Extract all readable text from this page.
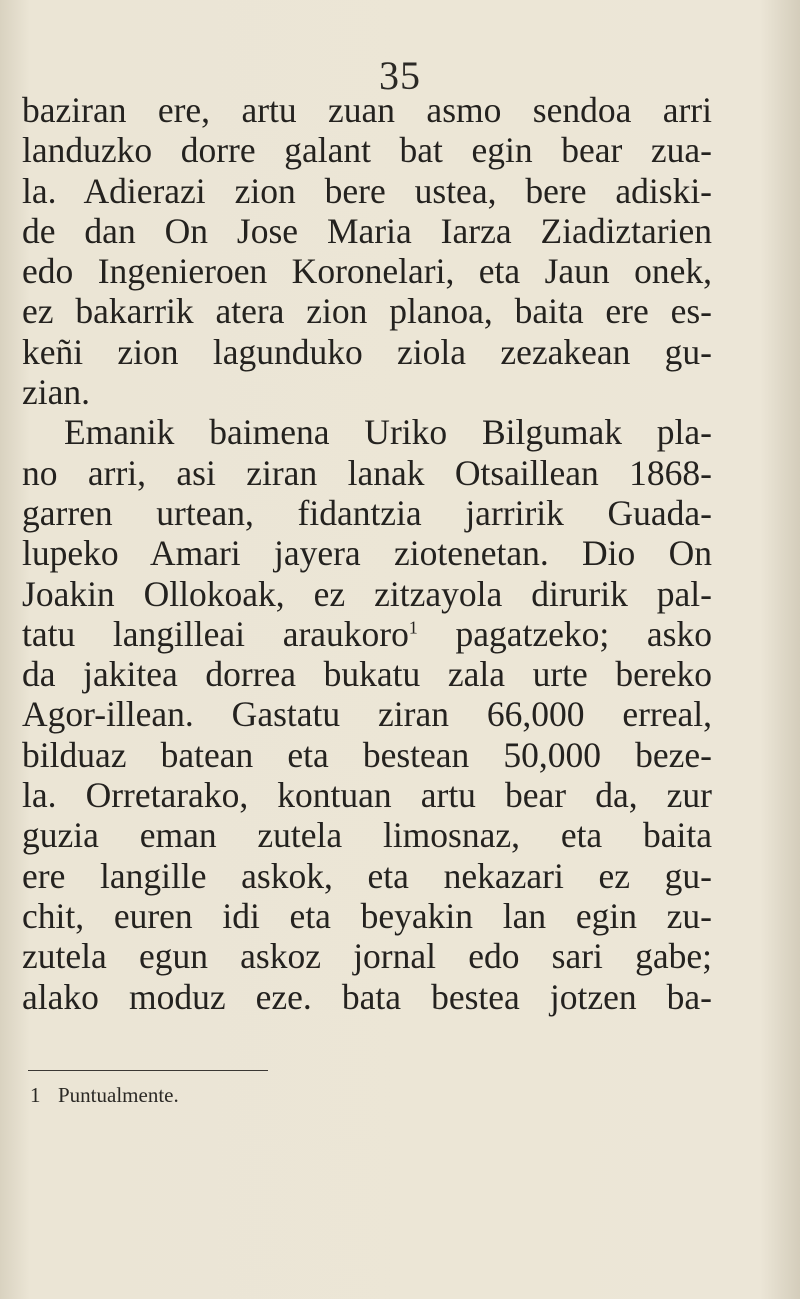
35
baziran ere, artu zuan asmo sendoa arri
landuzko dorre galant bat egin bear zua-
la. Adierazi zion bere ustea, bere adiski-
de dan On Jose Maria Iarza Ziadiztarien
edo Ingenieroen Koronelari, eta Jaun onek,
ez bakarrik atera zion planoa, baita ere es-
keñi zion lagunduko ziola zezakean gu-
zian.
Emanik baimena Uriko Bilgumak pla-
no arri, asi ziran lanak Otsaillean 1868-
garren urtean, fidantzia jarririk Guada-
lupeko Amari jayera ziotenetan. Dio On
Joakin Ollokoak, ez zitzayola dirurik pal-
tatu langilleai araukoro$^1$ pagatzeko; asko
da jakitea dorrea bukatu zala urte bereko
Agor-illean. Gastatu ziran 66,000 erreal,
bilduaz batean eta bestean 50,000 beze-
la. Orretarako, kontuan artu bear da, zur
guzia eman zutela limosnaz, eta baita
ere langille askok, eta nekazari ez gu-
chit, euren idi eta beyakin lan egin zu-
zutela egun askoz jornal edo sari gabe;
alako moduz eze. bata bestea jotzen ba-
1 Puntualmente.
